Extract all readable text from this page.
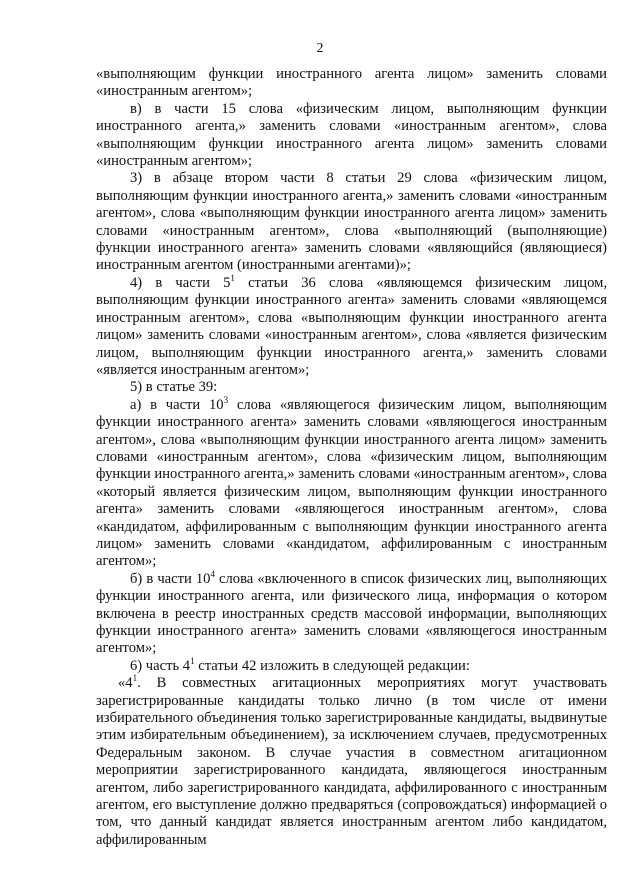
2

«выполняющим функции иностранного агента лицом» заменить словами «иностранным агентом»;

в) в части 15 слова «физическим лицом, выполняющим функции иностранного агента,» заменить словами «иностранным агентом», слова «выполняющим функции иностранного агента лицом» заменить словами «иностранным агентом»;

3) в абзаце втором части 8 статьи 29 слова «физическим лицом, выполняющим функции иностранного агента,» заменить словами «иностранным агентом», слова «выполняющим функции иностранного агента лицом» заменить словами «иностранным агентом», слова «выполняющий (выполняющие) функции иностранного агента» заменить словами «являющийся (являющиеся) иностранным агентом (иностранными агентами)»;

4) в части $5^1$ статьи 36 слова «являющемся физическим лицом, выполняющим функции иностранного агента» заменить словами «являющемся иностранным агентом», слова «выполняющим функции иностранного агента лицом» заменить словами «иностранным агентом», слова «является физическим лицом, выполняющим функции иностранного агента,» заменить словами «является иностранным агентом»;

5) в статье 39:

а) в части $10^3$ слова «являющегося физическим лицом, выполняющим функции иностранного агента» заменить словами «являющегося иностранным агентом», слова «выполняющим функции иностранного агента лицом» заменить словами «иностранным агентом», слова «физическим лицом, выполняющим функции иностранного агента,» заменить словами «иностранным агентом», слова «который является физическим лицом, выполняющим функции иностранного агента» заменить словами «являющегося иностранным агентом», слова «кандидатом, аффилированным с выполняющим функции иностранного агента лицом» заменить словами «кандидатом, аффилированным с иностранным агентом»;

б) в части $10^4$ слова «включенного в список физических лиц, выполняющих функции иностранного агента, или физического лица, информация о котором включена в реестр иностранных средств массовой информации, выполняющих функции иностранного агента» заменить словами «являющегося иностранным агентом»;

6) часть $4^1$ статьи 42 изложить в следующей редакции:

«$4^1$. В совместных агитационных мероприятиях могут участвовать зарегистрированные кандидаты только лично (в том числе от имени избирательного объединения только зарегистрированные кандидаты, выдвинутые этим избирательным объединением), за исключением случаев, предусмотренных Федеральным законом. В случае участия в совместном агитационном мероприятии зарегистрированного кандидата, являющегося иностранным агентом, либо зарегистрированного кандидата, аффилированного с иностранным агентом, его выступление должно предваряться (сопровождаться) информацией о том, что данный кандидат является иностранным агентом либо кандидатом, аффилированным
